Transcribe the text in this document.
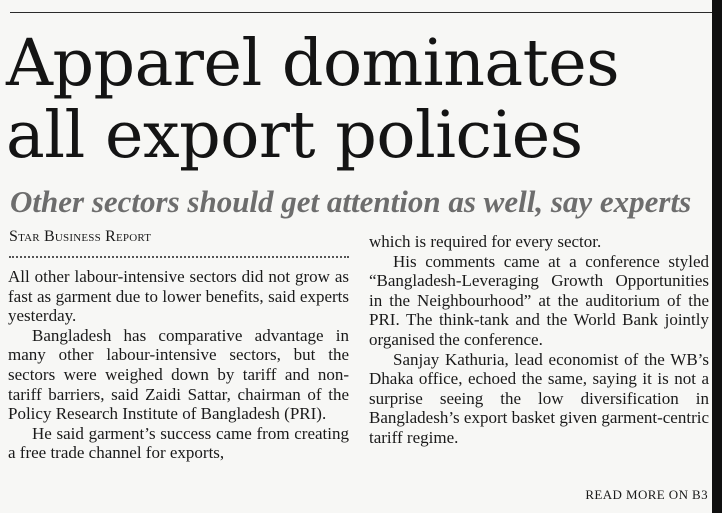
Apparel dominates all export policies
Other sectors should get attention as well, say experts
Star Business Report

All other labour-intensive sectors did not grow as fast as garment due to lower benefits, said experts yesterday.

Bangladesh has comparative advantage in many other labour-intensive sectors, but the sectors were weighed down by tariff and non-tariff barriers, said Zaidi Sattar, chairman of the Policy Research Institute of Bangladesh (PRI).

He said garment’s success came from creating a free trade channel for exports,

which is required for every sector.

His comments came at a conference styled “Bangladesh-Leveraging Growth Opportunities in the Neighbourhood” at the auditorium of the PRI. The think-tank and the World Bank jointly organised the conference.

Sanjay Kathuria, lead economist of the WB’s Dhaka office, echoed the same, saying it is not a surprise seeing the low diversification in Bangladesh’s export basket given garment-centric tariff regime.

READ MORE ON B3
